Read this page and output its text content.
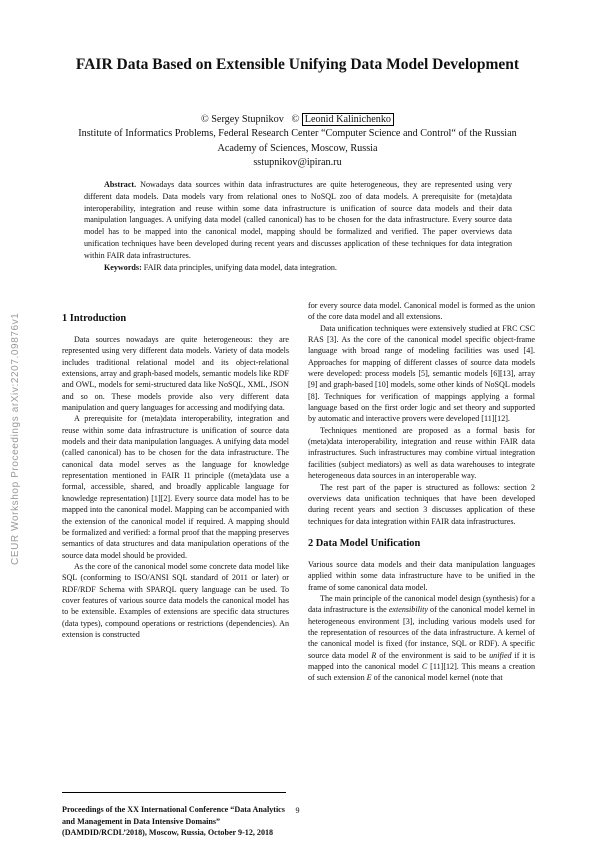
FAIR Data Based on Extensible Unifying Data Model Development
© Sergey Stupnikov © Leonid Kalinichenko
Institute of Informatics Problems, Federal Research Center “Computer Science and Control“ of the Russian Academy of Sciences, Moscow, Russia
sstupnikov@ipiran.ru
Abstract. Nowadays data sources within data infrastructures are quite heterogeneous, they are represented using very different data models. Data models vary from relational ones to NoSQL zoo of data models. A prerequisite for (meta)data interoperability, integration and reuse within some data infrastructure is unification of source data models and their data manipulation languages. A unifying data model (called canonical) has to be chosen for the data infrastructure. Every source data model has to be mapped into the canonical model, mapping should be formalized and verified. The paper overviews data unification techniques have been developed during recent years and discusses application of these techniques for data integration within FAIR data infrastructures.
Keywords: FAIR data principles, unifying data model, data integration.
CEUR Workshop Proceedings arXiv:2207.09876v1	1 Introduction

Data sources nowadays are quite heterogeneous: they are represented using very different data models. Variety of data models includes traditional relational model and its object-relational extensions, array and graph-based models, semantic models like RDF and OWL, models for semi-structured data like NoSQL, XML, JSON and so on. These models provide also very different data manipulation and query languages for accessing and modifying data.

A prerequisite for (meta)data interoperability, integration and reuse within some data infrastructure is unification of source data models and their data manipulation languages. A unifying data model (called canonical) has to be chosen for the data infrastructure. The canonical data model serves as the language for knowledge representation mentioned in FAIR I1 principle ((meta)data use a formal, accessible, shared, and broadly applicable language for knowledge representation) [1][2]. Every source data model has to be mapped into the canonical model. Mapping can be accompanied with the extension of the canonical model if required. A mapping should be formalized and verified: a formal proof that the mapping preserves semantics of data structures and data manipulation operations of the source data model should be provided.

As the core of the canonical model some concrete data model like SQL (conforming to ISO/ANSI SQL standard of 2011 or later) or RDF/RDF Schema with SPARQL query language can be used. To cover features of various source data models the canonical model has to be extensible. Examples of extensions are specific data structures (data types), compound operations or restrictions (dependencies). An extension is constructed

Proceedings of the XX International Conference “Data Analytics and Management in Data Intensive Domains” (DAMDID/RCDL’2018), Moscow, Russia, October 9-12, 2018

for every source data model. Canonical model is formed as the union of the core data model and all extensions.

Data unification techniques were extensively studied at FRC CSC RAS [3]. As the core of the canonical model specific object-frame language with broad range of modeling facilities was used [4]. Approaches for mapping of different classes of source data models were developed: process models [5], semantic models [6][13], array [9] and graph-based [10] models, some other kinds of NoSQL models [8]. Techniques for verification of mappings applying a formal language based on the first order logic and set theory and supported by automatic and interactive provers were developed [11][12].

Techniques mentioned are proposed as a formal basis for (meta)data interoperability, integration and reuse within FAIR data infrastructures. Such infrastructures may combine virtual integration facilities (subject mediators) as well as data warehouses to integrate heterogeneous data sources in an interoperable way.

The rest part of the paper is structured as follows: section 2 overviews data unification techniques that have been developed during recent years and section 3 discusses application of these techniques for data integration within FAIR data infrastructures.

2 Data Model Unification

Various source data models and their data manipulation languages applied within some data infrastructure have to be unified in the frame of some canonical data model.

The main principle of the canonical model design (synthesis) for a data infrastructure is the extensibility of the canonical model kernel in heterogeneous environment [3], including various models used for the representation of resources of the data infrastructure. A kernel of the canonical model is fixed (for instance, SQL or RDF). A specific source data model R of the environment is said to be unified if it is mapped into the canonical model C [11][12]. This means a creation of such extension E of the canonical model kernel (note that

9
